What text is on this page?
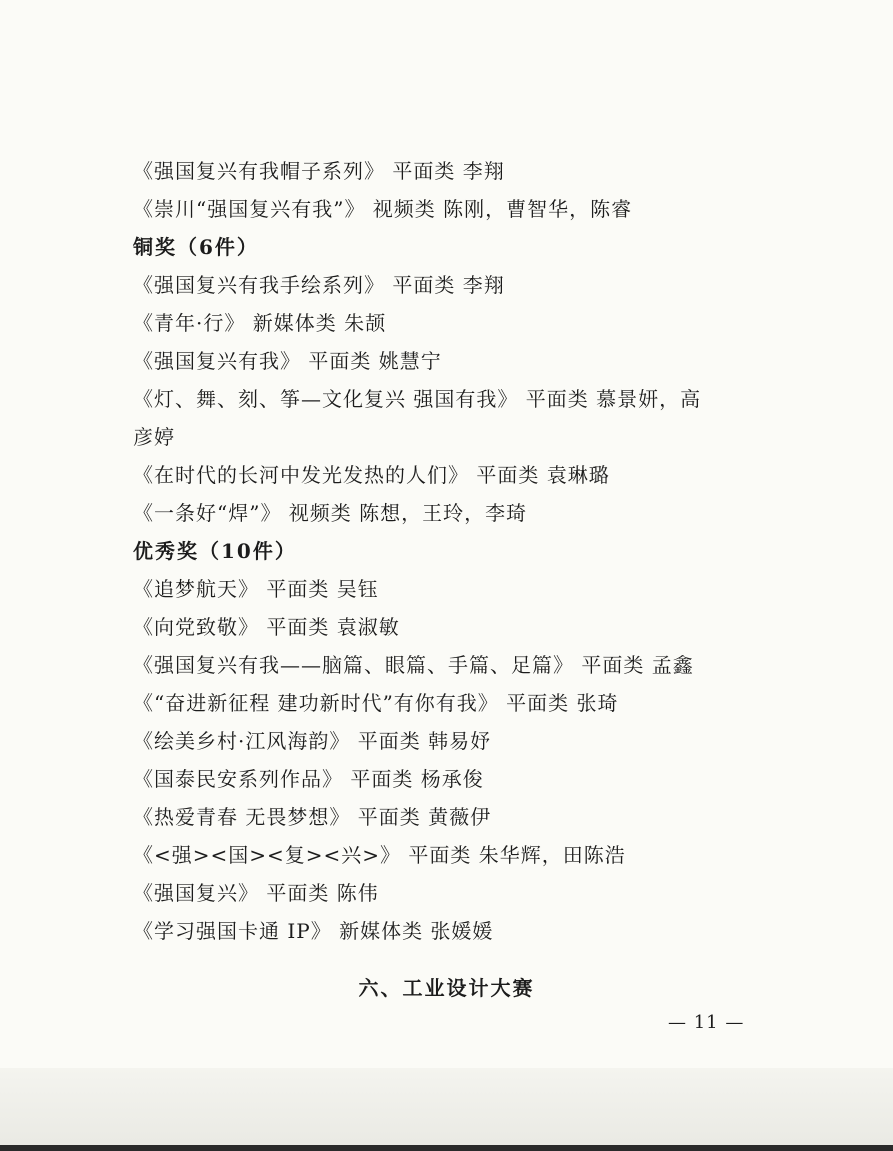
《强国复兴有我帽子系列》 平面类 李翔
《崇川“强国复兴有我”》 视频类 陈刚，曹智华，陈睿
铜奖（6件）
《强国复兴有我手绘系列》 平面类 李翔
《青年·行》 新媒体类 朱颉
《强国复兴有我》 平面类 姚慧宁
《灯、舞、刻、筝—文化复兴 强国有我》 平面类 慕景妍，高
彦婷
《在时代的长河中发光发热的人们》 平面类 袁琳璐
《一条好“焊”》 视频类 陈想，王玲，李琦
优秀奖（10件）
《追梦航天》 平面类 吴钰
《向党致敬》 平面类 袁淑敏
《强国复兴有我——脑篇、眼篇、手篇、足篇》 平面类 孟鑫
《“奋进新征程 建功新时代”有你有我》 平面类 张琦
《绘美乡村·江风海韵》 平面类 韩易妤
《国泰民安系列作品》 平面类 杨承俊
《热爱青春 无畏梦想》 平面类 黄薇伊
《<强><国><复><兴>》 平面类 朱华辉，田陈浩
《强国复兴》 平面类 陈伟
《学习强国卡通 IP》 新媒体类 张媛媛
六、工业设计大赛
— 11 —
